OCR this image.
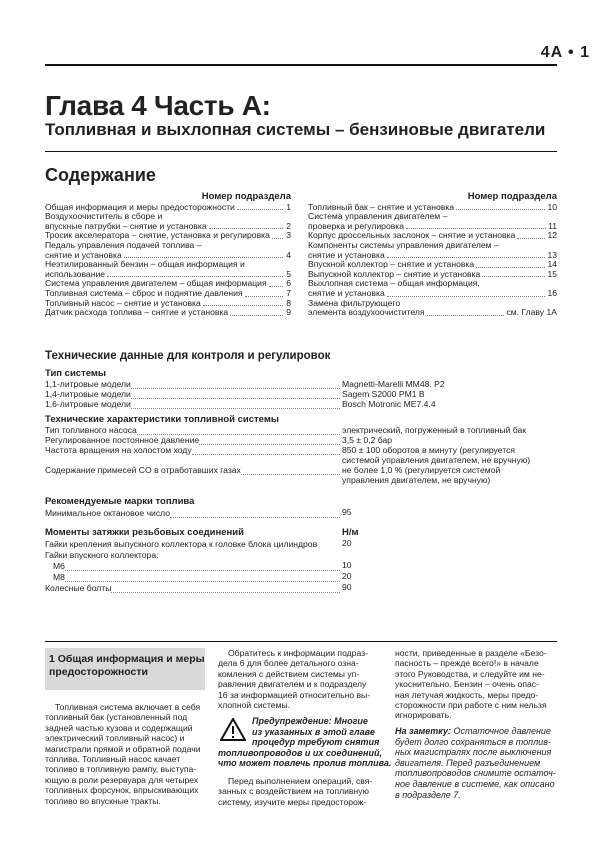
4A • 1
Глава 4 Часть А:
Топливная и выхлопная системы – бензиновые двигатели
Содержание
Номер подраздела
Общая информация и меры предосторожности	1
Воздухоочиститель в сборе и
впускные патрубки – снятие и установка	2
Тросик акселератора – снятие, установка и регулировка 3
Педаль управления подачей топлива –
снятие и установка	4
Неэтилированный бензин – общая информация и
использование	5
Система управления двигателем – общая информация 6
Топливная система – сброс и поднятие давления	7
Топливный насос – снятие и установка	8
Датчик расхода топлива – снятие и установка	9
Номер подраздела
Топливный бак – снятие и установка	10
Система управления двигателем –
проверка и регулировка	11
Корпус дроссельных заслонок – снятие и установка	12
Компоненты системы управления двигателем –
снятие и установка	13
Впускной коллектор – снятие и установка	14
Выпускной коллектор – снятие и установка	15
Выхлопная система – общая информация,
снятие и установка	16
Замена фильтрующего
элемента воздухоочистителя	см. Главу 1А
Технические данные для контроля и регулировок
Тип системы
1,1-литровые модели	Magnetti-Marelli MM48. P2
1,4-литровые модели	Sagem S2000 PM1 B
1,6-литровые модели	Bosch Motronic ME7.4.4
Технические характеристики топливной системы
Тип топливного насоса	электрический, погруженный в топливный бак
Регулированное постоянное давление	3,5 ± 0,2 бар
Частота вращения на холостом ходу	850 ± 100 оборотов в минуту (регулируется
системой управления двигателем, не вручную)
Содержание примесей CO в отработавших газах	не более 1,0 % (регулируется системой
управления двигателем, не вручную)
Рекомендуемые марки топлива
Минимальное октановое число	95
Моменты затяжки резьбовых соединений	Н/м
Гайки крепления выпускного коллектора к головке блока цилиндров	20
Гайки впускного коллектора:
М6	10
М8	20
Колесные болты	90
1 Общая информация и меры
предосторожности
Топливная система включает в себя
топливный бак (установленный под
задней частью кузова и содержащий
электрический топливный насос) и
магистрали прямой и обратной подачи
топлива. Топливный насос качает
топливо в топливную рампу, выступа-
ющую в роли резервуара для четырех
топливных форсунок, впрыскивающих
топливо во впускные тракты.
Обратитесь к информации подраз-
дела 6 для более детального озна-
комления с действием системы уп-
равления двигателем и к подразделу
16 за информацией относительно вы-
хлопной системы.
Предупреждение: Многие
из указанных в этой главе
процедур требуют снятия
топливопроводов и их соединений,
что может повлечь пролив топлива.
Перед выполнением операций, свя-
занных с воздействием на топливную
систему, изучите меры предосторож-
ности, приведенные в разделе «Безо-
пасность – прежде всего!» в начале
этого Руководства, и следуйте им не-
укоснительно. Бензин – очень опас-
ная летучая жидкость, меры предо-
сторожности при работе с ним нельзя
игнорировать.
На заметку: Остаточное давление
будет долго сохраняться в топлив-
ных магистралях после выключения
двигателя. Перед разъединением
топливопроводов снимите остаточ-
ное давление в системе, как описано
в подразделе 7.
